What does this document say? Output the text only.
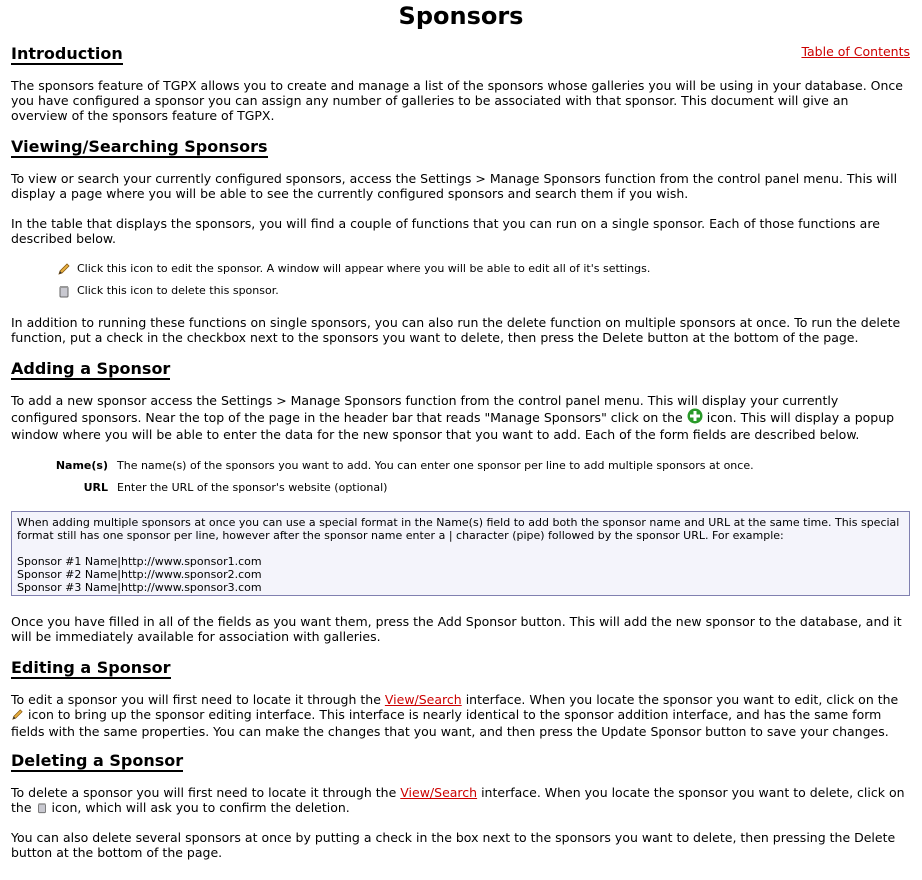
Sponsors
Table of Contents
Introduction

The sponsors feature of TGPX allows you to create and manage a list of the sponsors whose galleries you will be using in your database. Once you have configured a sponsor you can assign any number of galleries to be associated with that sponsor. This document will give an overview of the sponsors feature of TGPX.

Viewing/Searching Sponsors

To view or search your currently configured sponsors, access the Settings > Manage Sponsors function from the control panel menu. This will display a page where you will be able to see the currently configured sponsors and search them if you wish.

In the table that displays the sponsors, you will find a couple of functions that you can run on a single sponsor. Each of those functions are described below.

Click this icon to edit the sponsor. A window will appear where you will be able to edit all of it's settings.
Click this icon to delete this sponsor.

In addition to running these functions on single sponsors, you can also run the delete function on multiple sponsors at once. To run the delete function, put a check in the checkbox next to the sponsors you want to delete, then press the Delete button at the bottom of the page.

Adding a Sponsor

To add a new sponsor access the Settings > Manage Sponsors function from the control panel menu. This will display your currently configured sponsors. Near the top of the page in the header bar that reads "Manage Sponsors" click on the icon. This will display a popup window where you will be able to enter the data for the new sponsor that you want to add. Each of the form fields are described below.

Name(s) The name(s) of the sponsors you want to add. You can enter one sponsor per line to add multiple sponsors at once.
URL Enter the URL of the sponsor's website (optional)
When adding multiple sponsors at once you can use a special format in the Name(s) field to add both the sponsor name and URL at the same time. This special format still has one sponsor per line, however after the sponsor name enter a | character (pipe) followed by the sponsor URL. For example:
Sponsor #1 Name|http://www.sponsor1.com
Sponsor #2 Name|http://www.sponsor2.com
Sponsor #3 Name|http://www.sponsor3.com

Once you have filled in all of the fields as you want them, press the Add Sponsor button. This will add the new sponsor to the database, and it will be immediately available for association with galleries.

Editing a Sponsor

To edit a sponsor you will first need to locate it through the View/Search interface. When you locate the sponsor you want to edit, click on the  icon to bring up the sponsor editing interface. This interface is nearly identical to the sponsor addition interface, and has the same form fields with the same properties. You can make the changes that you want, and then press the Update Sponsor button to save your changes.

Deleting a Sponsor

To delete a sponsor you will first need to locate it through the View/Search interface. When you locate the sponsor you want to delete, click on the icon, which will ask you to confirm the deletion.

You can also delete several sponsors at once by putting a check in the box next to the sponsors you want to delete, then pressing the Delete button at the bottom of the page.
